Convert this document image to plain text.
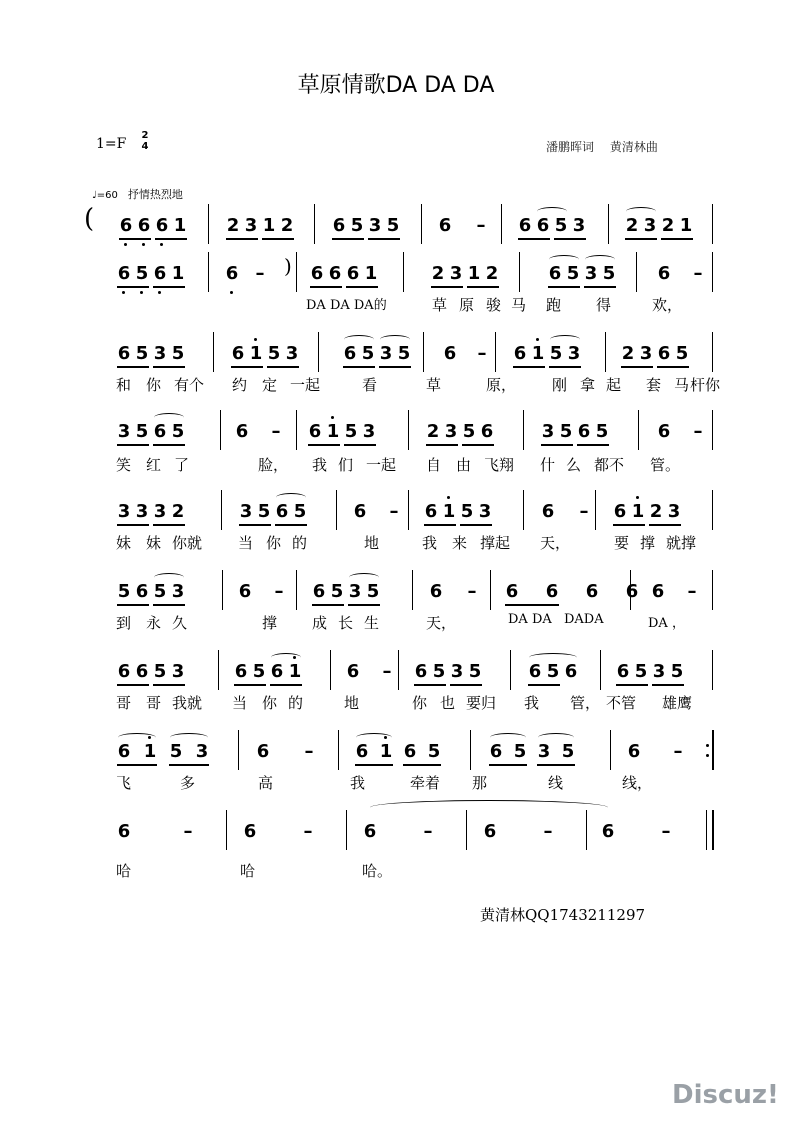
草原情歌DA DA DA
1=F
2
4	潘鹏晖词　 黄清林曲
♩=60 抒情热烈地
( 6 6 6 1 2 3 1 2 6 5 3 5 6 – 6 6 5 3 2 3 2 1
6 5 6 1 6 –	6 6 6 1	2 3 1 2	6 5 3 5 6 –
6 5 3 5	6 1 5 3	6 5 3 5 6 – 6 1 5 3 2 3 6 5
3 5 6 5	6 – 6 1 5 3	2 3 5 6	3 5 6 5	6 –
3 3 3 2	3 5 6 5	6 – 6 1 5 3	6 – 6 1 2 3
5 6 5 3	6 – 6 5 3 5	6 – 6 6 6 6 6 –
6 6 5 3	6 5 6 1	6 – 6 5 3 5	6 5 6 6 5 3 5
6 1 5 3	6 – 6 1 6 5	6 5 3 5	6 –
6	–	6	–	6	–	6	–	6	–
)
DA DA DA的	草 原 骏 马 跑 得	欢，
和 你 有个 约 定 一起	看	草	原， 刚 拿 起 套 马 杆你
笑 红 了	脸， 我 们 一起 自 由 飞翔 什 么 都不 管。
妹 妹 你就 当 你 的	地	我 来 撑起 天，	要 撑 就撑
到 永 久	撑 成 长 生	天，	DA DA DADA	DA ，
哥 哥 我就 当 你 的	地	你 也 要归 我 管， 不管 雄鹰
飞	多	高	我	牵着 那	线	线，
哈	哈	哈。
黄清林QQ1743211297
Discuz!
